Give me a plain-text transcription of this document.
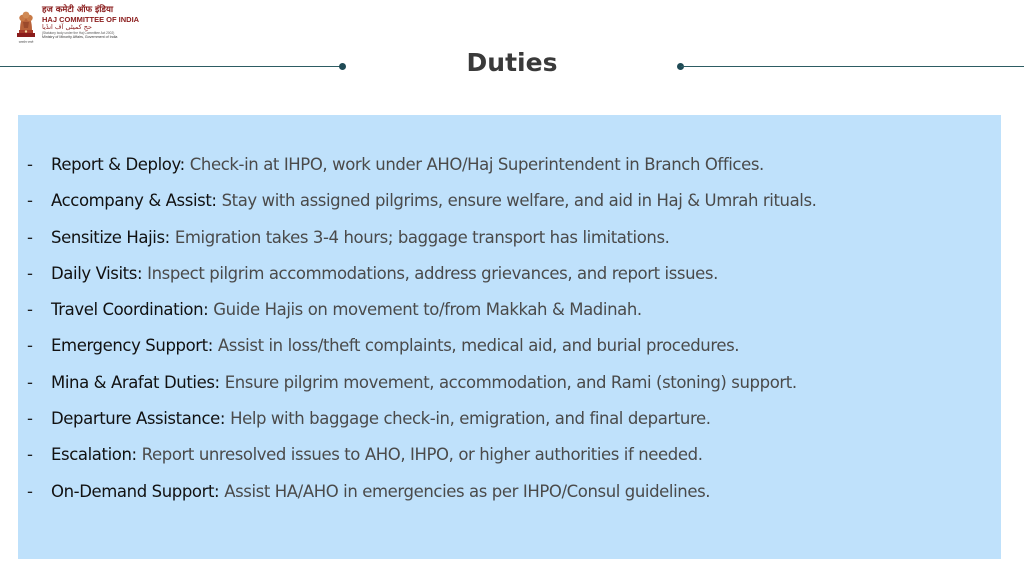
सत्यमेव जयते
हज कमेटी ऑफ इंडिया
HAJ COMMITTEE OF INDIA
حج کمیٹی آف انڈیا
(Statutory body under the Haj Committee Act 2002)
Ministry of Minority Affairs, Government of India
Duties
-	Report & Deploy: Check-in at IHPO, work under AHO/Haj Superintendent in Branch Offices.
-	Accompany & Assist: Stay with assigned pilgrims, ensure welfare, and aid in Haj & Umrah rituals.
-	Sensitize Hajis: Emigration takes 3-4 hours; baggage transport has limitations.
-	Daily Visits: Inspect pilgrim accommodations, address grievances, and report issues.
-	Travel Coordination: Guide Hajis on movement to/from Makkah & Madinah.
-	Emergency Support: Assist in loss/theft complaints, medical aid, and burial procedures.
-	Mina & Arafat Duties: Ensure pilgrim movement, accommodation, and Rami (stoning) support.
-	Departure Assistance: Help with baggage check-in, emigration, and final departure.
-	Escalation: Report unresolved issues to AHO, IHPO, or higher authorities if needed.
-	On-Demand Support: Assist HA/AHO in emergencies as per IHPO/Consul guidelines.
